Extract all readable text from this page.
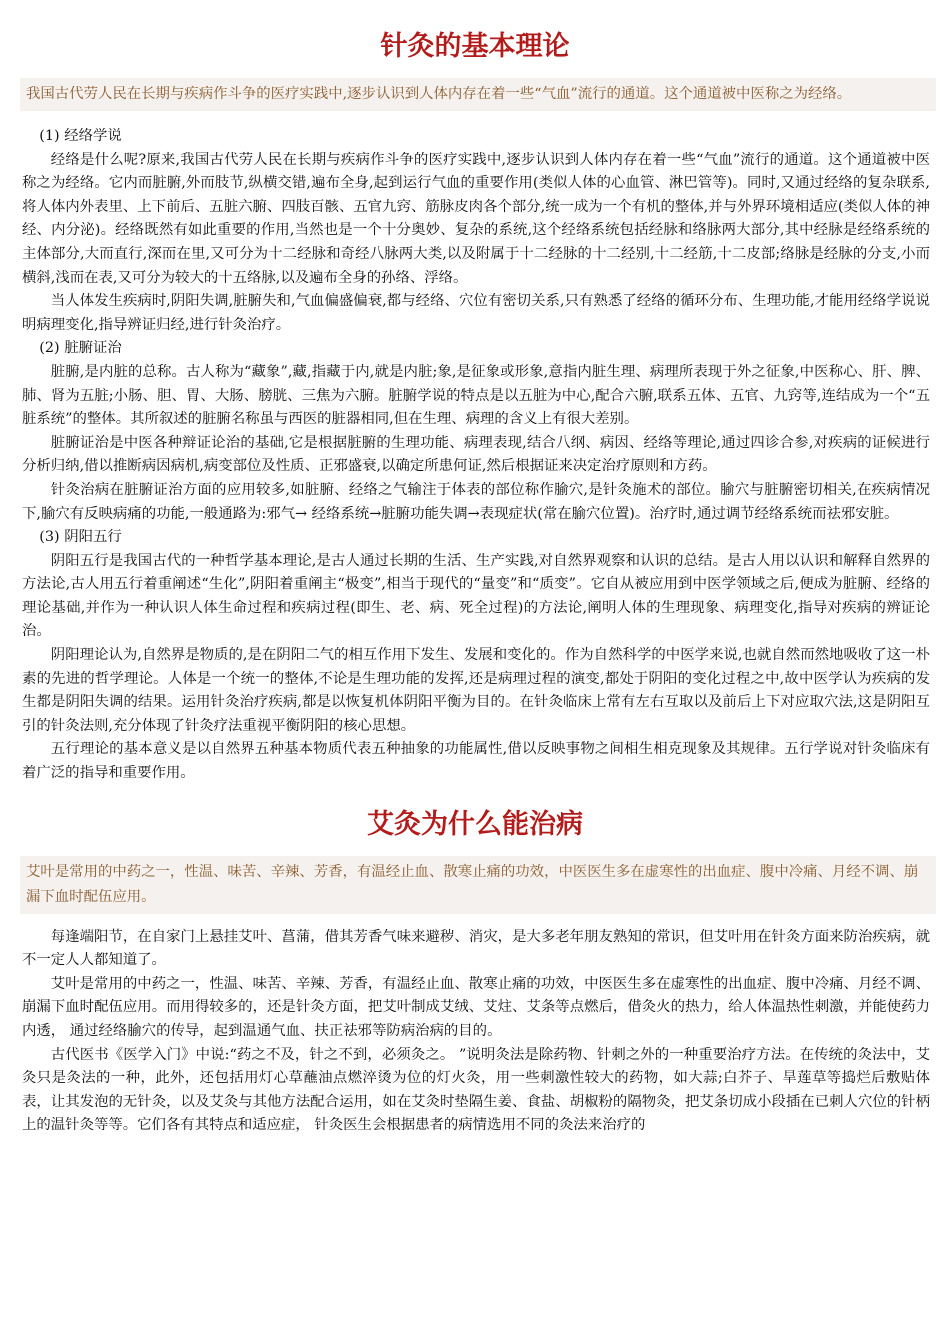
针灸的基本理论
我国古代劳人民在长期与疾病作斗争的医疗实践中,逐步认识到人体内存在着一些“气血”流行的通道。这个通道被中医称之为经络。

(1) 经络学说

经络是什么呢?原来,我国古代劳人民在长期与疾病作斗争的医疗实践中,逐步认识到人体内存在着一些“气血”流行的通道。这个通道被中医称之为经络。它内而脏腑,外而肢节,纵横交错,遍布全身,起到运行气血的重要作用(类似人体的心血管、淋巴管等)。同时,又通过经络的复杂联系,将人体内外表里、上下前后、五脏六腑、四肢百骸、五官九窍、筋脉皮肉各个部分,统一成为一个有机的整体,并与外界环境相适应(类似人体的神经、内分泌)。经络既然有如此重要的作用,当然也是一个十分奥妙、复杂的系统,这个经络系统包括经脉和络脉两大部分,其中经脉是经络系统的主体部分,大而直行,深而在里,又可分为十二经脉和奇经八脉两大类,以及附属于十二经脉的十二经别,十二经筋,十二皮部;络脉是经脉的分支,小而横斜,浅而在表,又可分为较大的十五络脉,以及遍布全身的孙络、浮络。

当人体发生疾病时,阴阳失调,脏腑失和,气血偏盛偏衰,都与经络、穴位有密切关系,只有熟悉了经络的循环分布、生理功能,才能用经络学说说明病理变化,指导辨证归经,进行针灸治疗。

(2) 脏腑证治

脏腑,是内脏的总称。古人称为“藏象”,藏,指藏于内,就是内脏;象,是征象或形象,意指内脏生理、病理所表现于外之征象,中医称心、肝、脾、肺、肾为五脏;小肠、胆、胃、大肠、膀胱、三焦为六腑。脏腑学说的特点是以五脏为中心,配合六腑,联系五体、五官、九窍等,连结成为一个“五脏系统”的整体。其所叙述的脏腑名称虽与西医的脏器相同,但在生理、病理的含义上有很大差别。

脏腑证治是中医各种辩证论治的基础,它是根据脏腑的生理功能、病理表现,结合八纲、病因、经络等理论,通过四诊合参,对疾病的证候进行分析归纳,借以推断病因病机,病变部位及性质、正邪盛衰,以确定所患何证,然后根据证来决定治疗原则和方药。

针灸治病在脏腑证治方面的应用较多,如脏腑、经络之气输注于体表的部位称作腧穴,是针灸施术的部位。腧穴与脏腑密切相关,在疾病情况下,腧穴有反映病痛的功能,一般通路为:邪气→ 经络系统→脏腑功能失调→表现症状(常在腧穴位置)。治疗时,通过调节经络系统而祛邪安脏。

(3) 阴阳五行

阴阳五行是我国古代的一种哲学基本理论,是古人通过长期的生活、生产实践,对自然界观察和认识的总结。是古人用以认识和解释自然界的方法论,古人用五行着重阐述“生化”,阴阳着重阐主“极变”,相当于现代的“量变”和“质变”。它自从被应用到中医学领域之后,便成为脏腑、经络的理论基础,并作为一种认识人体生命过程和疾病过程(即生、老、病、死全过程)的方法论,阐明人体的生理现象、病理变化,指导对疾病的辨证论治。

阴阳理论认为,自然界是物质的,是在阴阳二气的相互作用下发生、发展和变化的。作为自然科学的中医学来说,也就自然而然地吸收了这一朴素的先进的哲学理论。人体是一个统一的整体,不论是生理功能的发挥,还是病理过程的演变,都处于阴阳的变化过程之中,故中医学认为疾病的发生都是阴阳失调的结果。运用针灸治疗疾病,都是以恢复机体阴阳平衡为目的。在针灸临床上常有左右互取以及前后上下对应取穴法,这是阴阳互引的针灸法则,充分体现了针灸疗法重视平衡阴阳的核心思想。

五行理论的基本意义是以自然界五种基本物质代表五种抽象的功能属性,借以反映事物之间相生相克现象及其规律。五行学说对针灸临床有着广泛的指导和重要作用。

艾灸为什么能治病
艾叶是常用的中药之一，性温、味苦、辛辣、芳香，有温经止血、散寒止痛的功效，中医医生多在虚寒性的出血症、腹中冷痛、月经不调、崩漏下血时配伍应用。

每逢端阳节，在自家门上悬挂艾叶、菖蒲，借其芳香气味来避秽、消灾，是大多老年朋友熟知的常识，但艾叶用在针灸方面来防治疾病，就不一定人人都知道了。

艾叶是常用的中药之一，性温、味苦、辛辣、芳香，有温经止血、散寒止痛的功效，中医医生多在虚寒性的出血症、腹中冷痛、月经不调、崩漏下血时配伍应用。而用得较多的，还是针灸方面，把艾叶制成艾绒、艾炷、艾条等点燃后，借灸火的热力，给人体温热性刺激，并能使药力内透， 通过经络腧穴的传导，起到温通气血、扶正祛邪等防病治病的目的。

古代医书《医学入门》中说:“药之不及，针之不到，必须灸之。 ”说明灸法是除药物、针刺之外的一种重要治疗方法。在传统的灸法中，艾灸只是灸法的一种，此外，还包括用灯心草蘸油点燃淬烫为位的灯火灸，用一些刺激性较大的药物，如大蒜;白芥子、旱莲草等捣烂后敷贴体表，让其发泡的无针灸，以及艾灸与其他方法配合运用，如在艾灸时垫隔生姜、食盐、胡椒粉的隔物灸，把艾条切成小段插在已刺人穴位的针柄上的温针灸等等。它们各有其特点和适应症， 针灸医生会根据患者的病情选用不同的灸法来治疗的
